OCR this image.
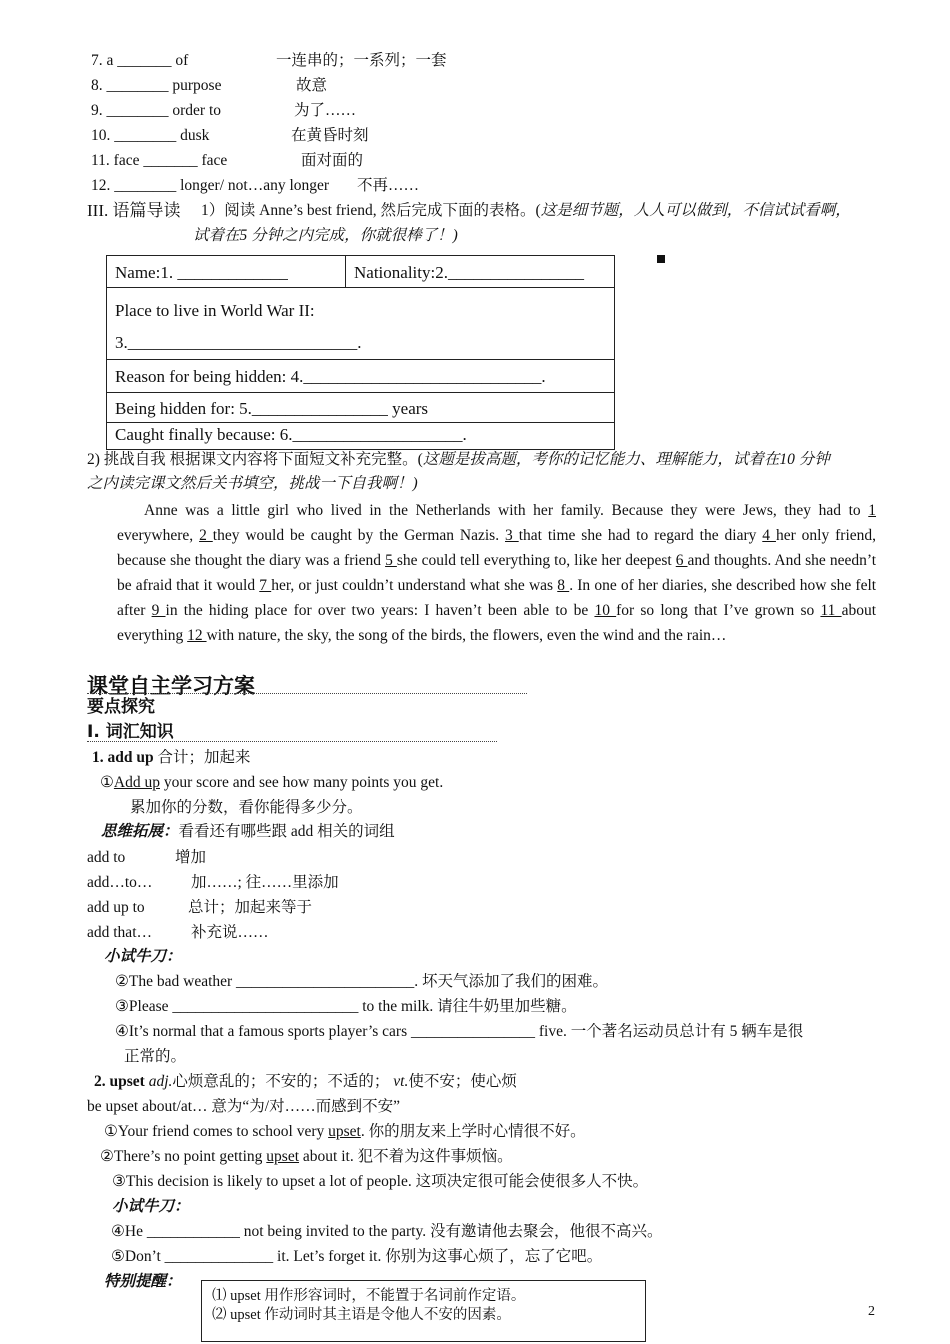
7. a _______ of	一连串的；一系列；一套
8. ________ purpose	故意
9. ________ order to	为了……
10. ________ dusk	在黄昏时刻
11. face _______ face	面对面的
12. ________ longer/ not…any longer 不再……
III. 语篇导读 1）阅读 Anne’s best friend, 然后完成下面的表格。(这是细节题，人人可以做到，不信试试看啊，
试着在5 分钟之内完成，你就很棒了！)
Name:1. _____________	Nationality:2.________________

Place to live in World War II:
3.___________________________.

Reason for being hidden: 4.____________________________.
Being hidden for: 5.________________ years
Caught finally because: 6.____________________.
2) 挑战自我 根据课文内容将下面短文补充完整。(这题是拔高题，考你的记忆能力、理解能力，试着在10 分钟
之内读完课文然后关书填空，挑战一下自我啊！)
Anne was a little girl who lived in the Netherlands with her family. Because they were Jews, they had to 1 everywhere, 2 they would be caught by the German Nazis. 3 that time she had to regard the diary 4 her only friend, because she thought the diary was a friend 5 she could tell everything to, like her deepest 6 and thoughts. And she needn’t be afraid that it would 7 her, or just couldn’t understand what she was 8 . In one of her diaries, she described how she felt after 9 in the hiding place for over two years: I haven’t been able to be 10 for so long that I’ve grown so 11 about everything 12 with nature, the sky, the song of the birds, the flowers, even the wind and the rain…
课堂自主学习方案
要点探究
I. 词汇知识
1. add up 合计；加起来
①Add up your score and see how many points you get.
累加你的分数，看你能得多少分。
思维拓展：看看还有哪些跟 add 相关的词组
add to	增加
add…to… 加……; 往……里添加
add up to	总计；加起来等于
add that…	补充说……
小试牛刀：
②The bad weather _______________________. 坏天气添加了我们的困难。
③Please ________________________ to the milk. 请往牛奶里加些糖。
④It’s normal that a famous sports player’s cars ________________ five. 一个著名运动员总计有 5 辆车是很
正常的。
2. upset adj.心烦意乱的；不安的；不适的； vt.使不安；使心烦
be upset about/at… 意为“为/对……而感到不安”
①Your friend comes to school very upset. 你的朋友来上学时心情很不好。
②There’s no point getting upset about it. 犯不着为这件事烦恼。
③This decision is likely to upset a lot of people. 这项决定很可能会使很多人不快。
小试牛刀：
④He ____________ not being invited to the party. 没有邀请他去聚会，他很不高兴。
⑤Don’t ______________ it. Let’s forget it. 你别为这事心烦了，忘了它吧。
特别提醒：
⑴ upset 用作形容词时，不能置于名词前作定语。
⑵ upset 作动词时其主语是令他人不安的因素。	2
